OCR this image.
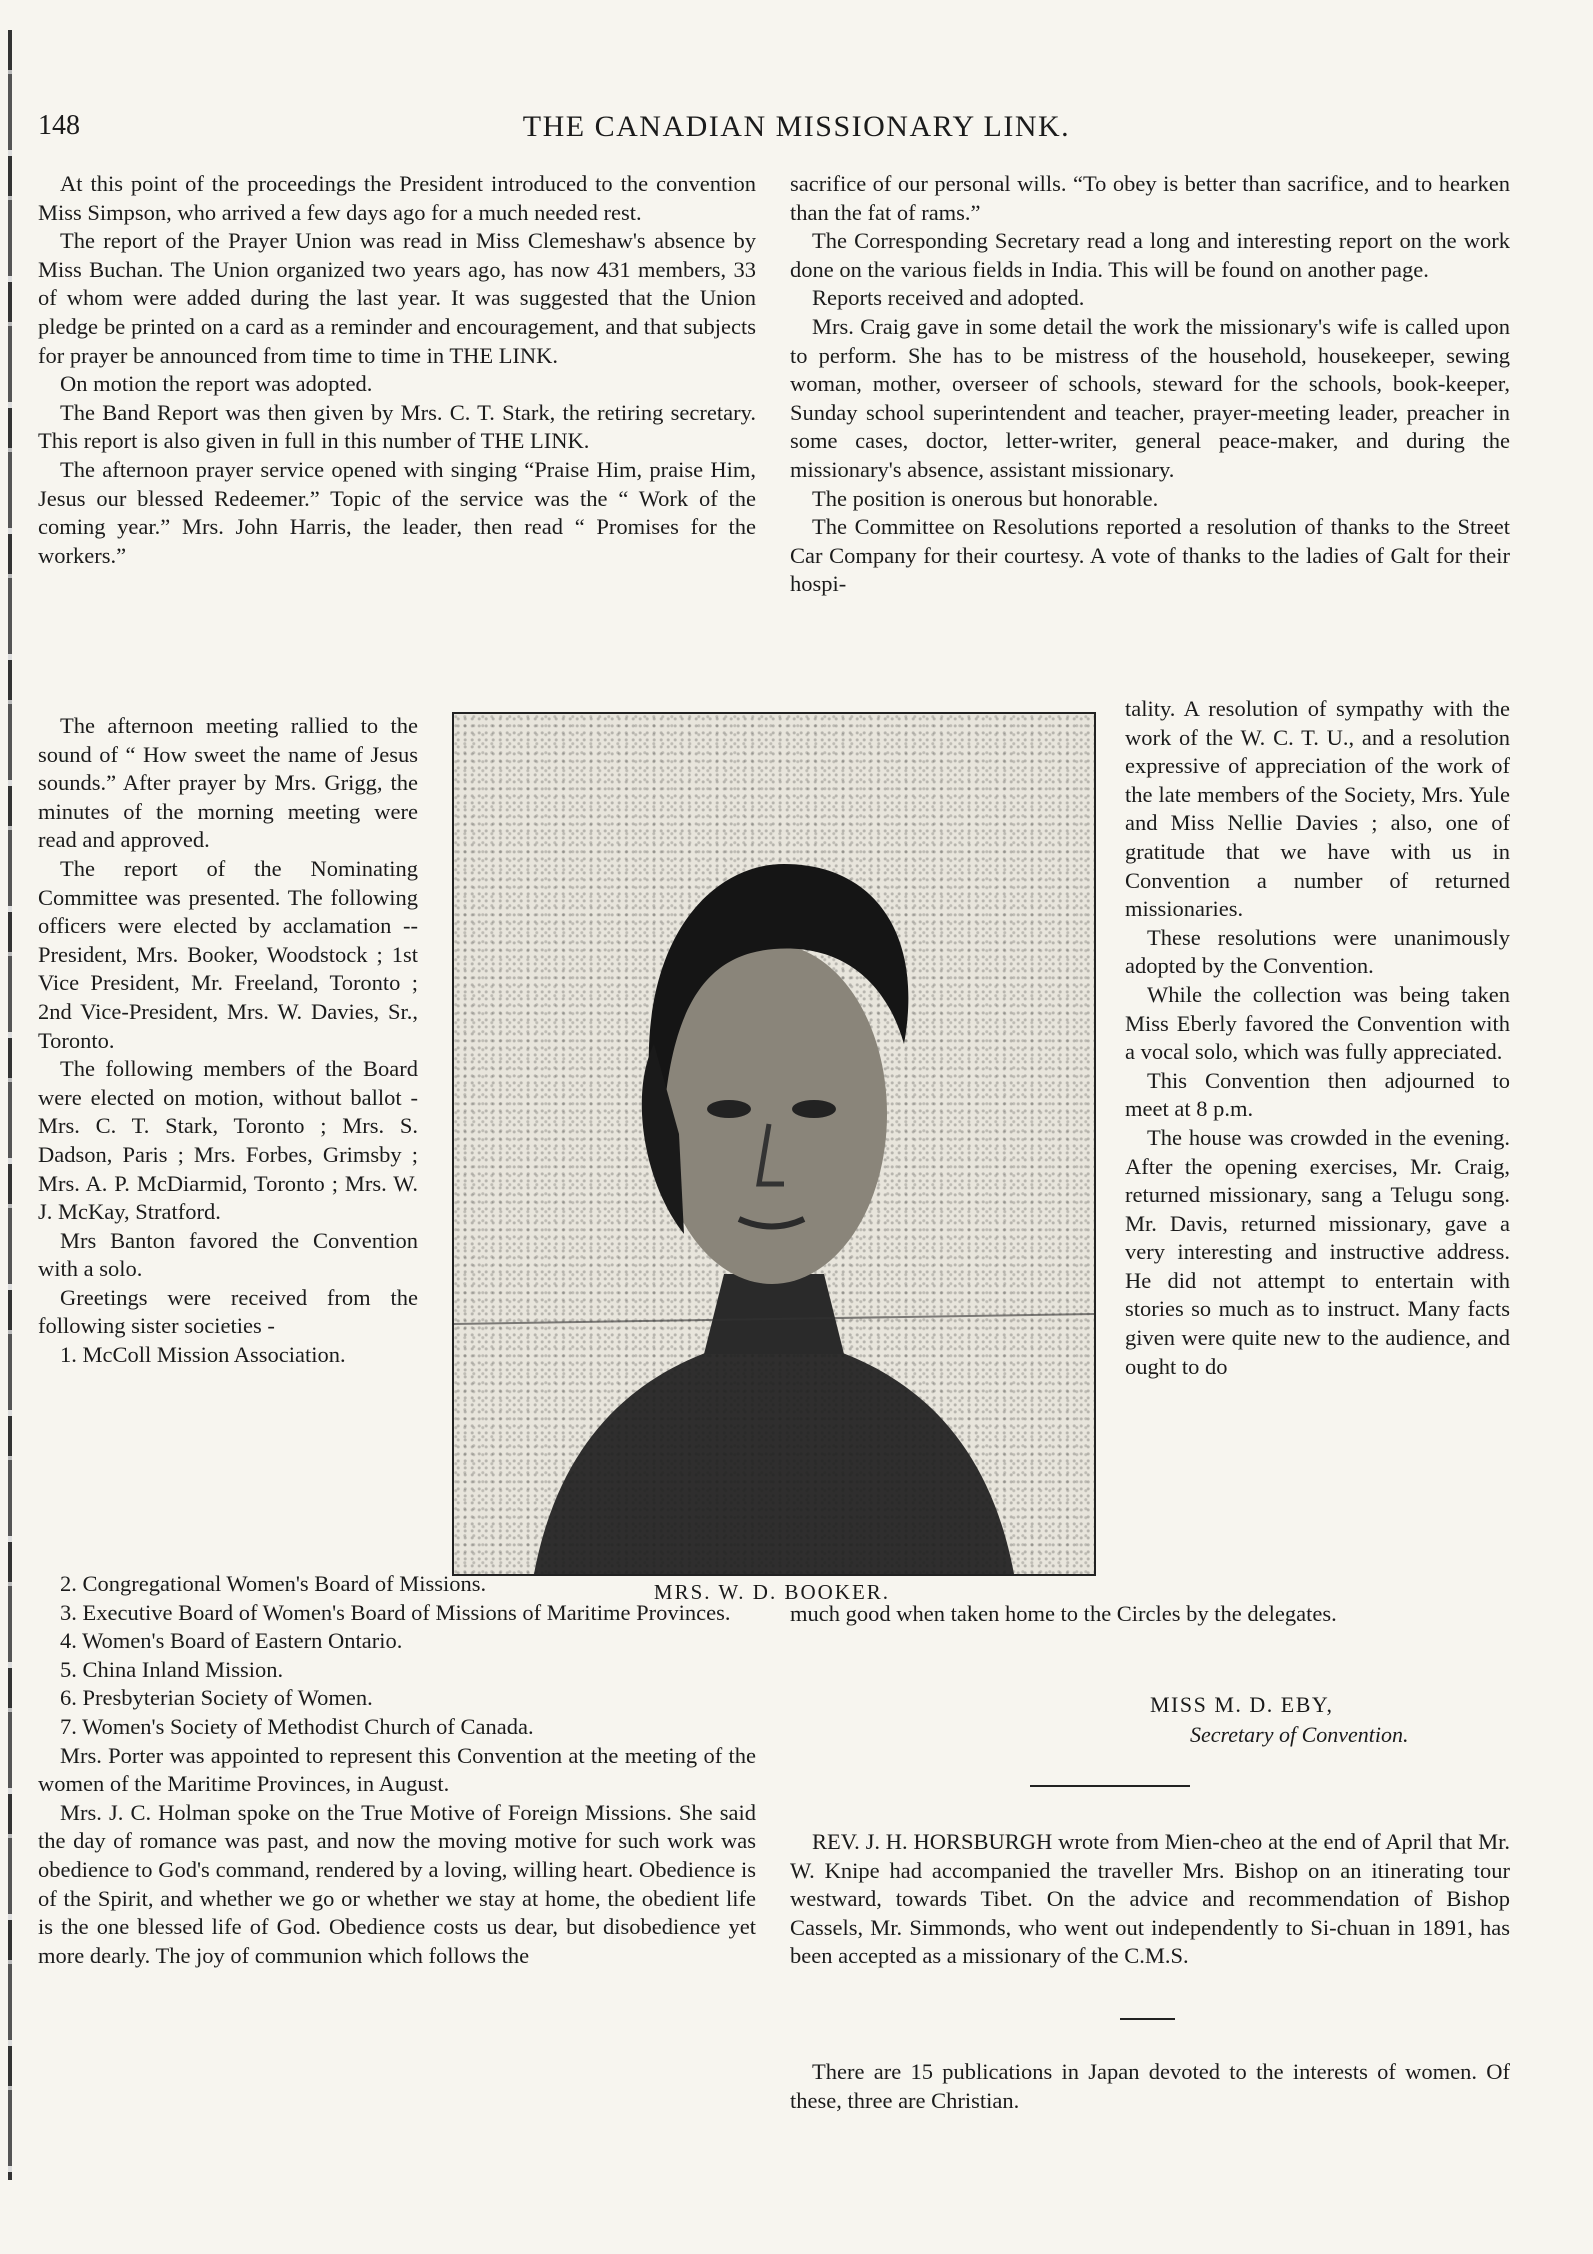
148	THE CANADIAN MISSIONARY LINK.

At this point of the proceedings the President introduced to the convention Miss Simpson, who arrived a few days ago for a much needed rest.

The report of the Prayer Union was read in Miss Clemeshaw's absence by Miss Buchan. The Union organized two years ago, has now 431 members, 33 of whom were added during the last year. It was suggested that the Union pledge be printed on a card as a reminder and encouragement, and that subjects for prayer be announced from time to time in THE LINK.

On motion the report was adopted.

The Band Report was then given by Mrs. C. T. Stark, the retiring secretary. This report is also given in full in this number of THE LINK.

The afternoon prayer service opened with singing “Praise Him, praise Him, Jesus our blessed Redeemer.” Topic of the service was the “ Work of the coming year.” Mrs. John Harris, the leader, then read “ Promises for the workers.”

The afternoon meeting rallied to the sound of “ How sweet the name of Jesus sounds.” After prayer by Mrs. Grigg, the minutes of the morning meeting were read and approved.

The report of the Nominating Committee was presented. The following officers were elected by acclamation -- President, Mrs. Booker, Woodstock ; 1st Vice President, Mr. Freeland, Toronto ; 2nd Vice-President, Mrs. W. Davies, Sr., Toronto.

The following members of the Board were elected on motion, without ballot -Mrs. C. T. Stark, Toronto ; Mrs. S. Dadson, Paris ; Mrs. Forbes, Grimsby ; Mrs. A. P. McDiarmid, Toronto ; Mrs. W. J. McKay, Stratford.

Mrs Banton favored the Convention with a solo.

Greetings were received from the following sister societies -

1. McColl Mission Association.

MRS. W. D. BOOKER.
2. Congregational Women's Board of Missions.
3. Executive Board of Women's Board of Missions of Maritime Provinces.
4. Women's Board of Eastern Ontario.
5. China Inland Mission.
6. Presbyterian Society of Women.
7. Women's Society of Methodist Church of Canada.

Mrs. Porter was appointed to represent this Convention at the meeting of the women of the Maritime Provinces, in August.

Mrs. J. C. Holman spoke on the True Motive of Foreign Missions. She said the day of romance was past, and now the moving motive for such work was obedience to God's command, rendered by a loving, willing heart. Obedience is of the Spirit, and whether we go or whether we stay at home, the obedient life is the one blessed life of God. Obedience costs us dear, but disobedience yet more dearly. The joy of communion which follows the

sacrifice of our personal wills. “To obey is better than sacrifice, and to hearken than the fat of rams.”

The Corresponding Secretary read a long and interesting report on the work done on the various fields in India. This will be found on another page.

Reports received and adopted.

Mrs. Craig gave in some detail the work the missionary's wife is called upon to perform. She has to be mistress of the household, housekeeper, sewing woman, mother, overseer of schools, steward for the schools, book-keeper, Sunday school superintendent and teacher, prayer-meeting leader, preacher in some cases, doctor, letter-writer, general peace-maker, and during the missionary's absence, assistant missionary.

The position is onerous but honorable.

The Committee on Resolutions reported a resolution of thanks to the Street Car Company for their courtesy. A vote of thanks to the ladies of Galt for their hospi-

tality. A resolution of sympathy with the work of the W. C. T. U., and a resolution expressive of appreciation of the work of the late members of the Society, Mrs. Yule and Miss Nellie Davies ; also, one of gratitude that we have with us in Convention a number of returned missionaries.

These resolutions were unanimously adopted by the Convention.

While the collection was being taken Miss Eberly favored the Convention with a vocal solo, which was fully appreciated.

This Convention then adjourned to meet at 8 p.m.

The house was crowded in the evening. After the opening exercises, Mr. Craig, returned missionary, sang a Telugu song. Mr. Davis, returned missionary, gave a very interesting and instructive address. He did not attempt to entertain with stories so much as to instruct. Many facts given were quite new to the audience, and ought to do

much good when taken home to the Circles by the delegates.

MISS M. D. EBY,
Secretary of Convention.

REV. J. H. HORSBURGH wrote from Mien-cheo at the end of April that Mr. W. Knipe had accompanied the traveller Mrs. Bishop on an itinerating tour westward, towards Tibet. On the advice and recommendation of Bishop Cassels, Mr. Simmonds, who went out independently to Si-chuan in 1891, has been accepted as a missionary of the C.M.S.

There are 15 publications in Japan devoted to the interests of women. Of these, three are Christian.
